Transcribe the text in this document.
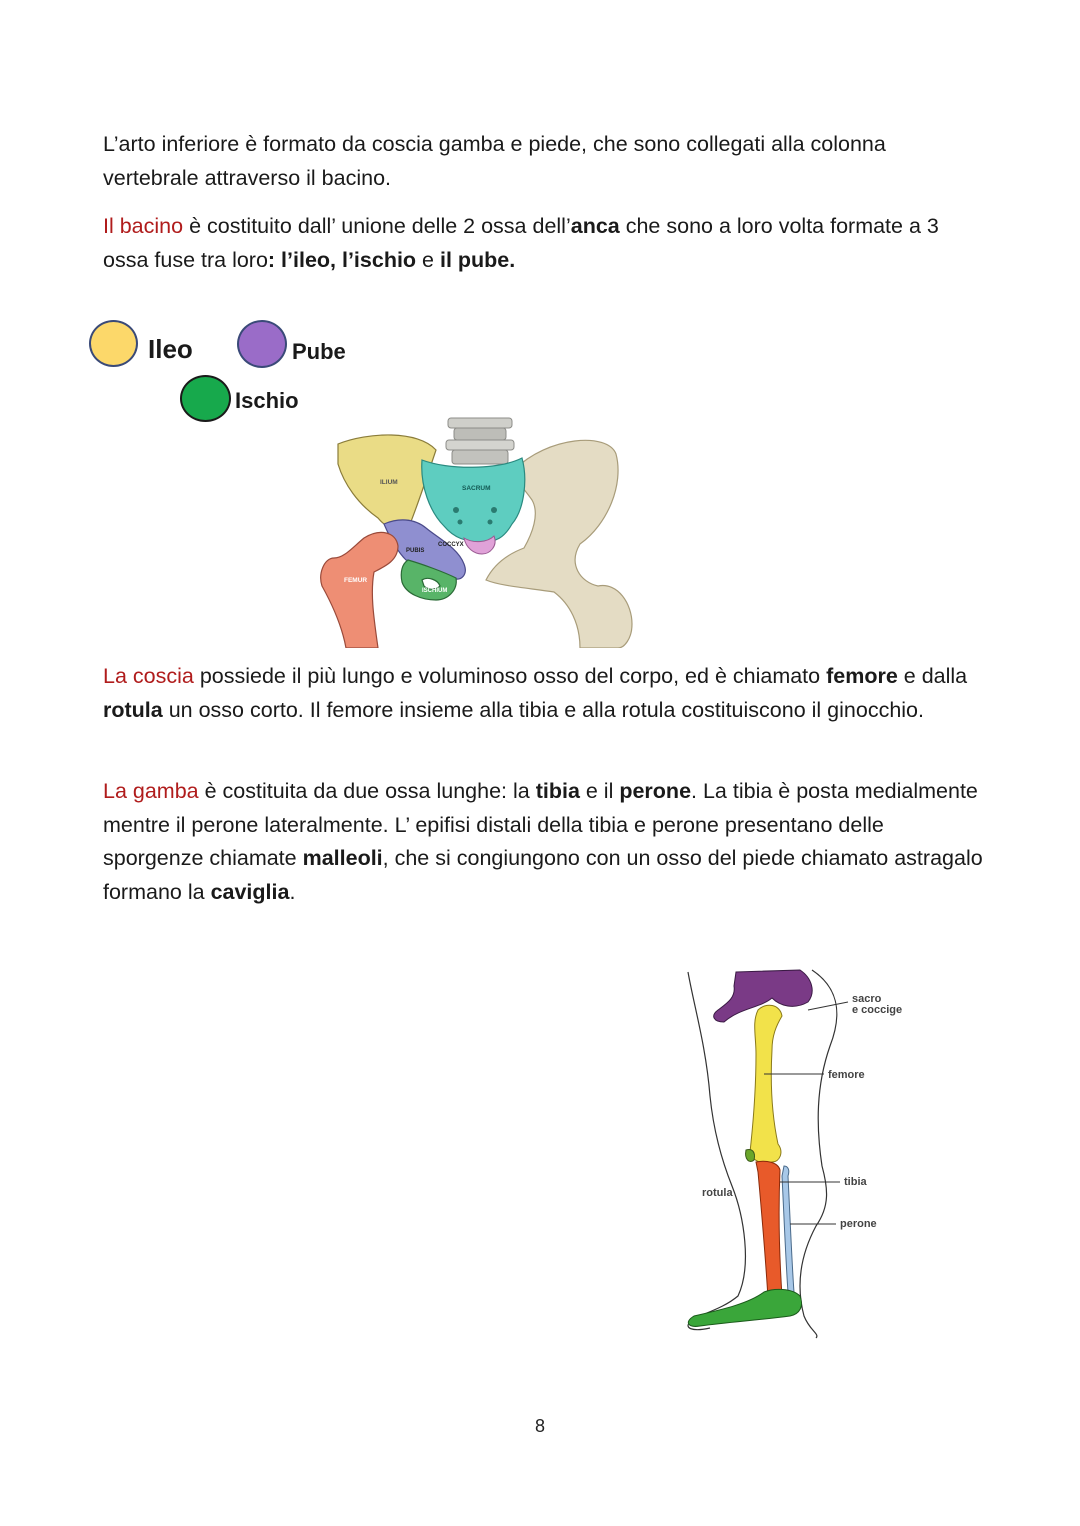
L’arto inferiore è formato da coscia gamba e piede, che sono collegati alla colonna vertebrale attraverso il bacino.

Il bacino è costituito dall’ unione delle 2 ossa dell’anca che sono a loro volta formate a 3 ossa fuse tra loro: l’ileo, l’ischio e il pube.

Ileo	Pube
Ischio
ILIUM
SACRUM
PUBIS
COCCYX
FEMUR
ISCHIUM

La coscia possiede il più lungo e voluminoso osso del corpo, ed è chiamato femore e dalla rotula un osso corto. Il femore insieme alla tibia e alla rotula costituiscono il ginocchio.

La gamba è costituita da due ossa lunghe: la tibia e il perone. La tibia è posta medialmente mentre il perone lateralmente. L’ epifisi distali della tibia e perone presentano delle sporgenze chiamate malleoli, che si congiungono con un osso del piede chiamato astragalo formano la caviglia.

sacro
e coccige
femore
rotula
tibia
perone
8
